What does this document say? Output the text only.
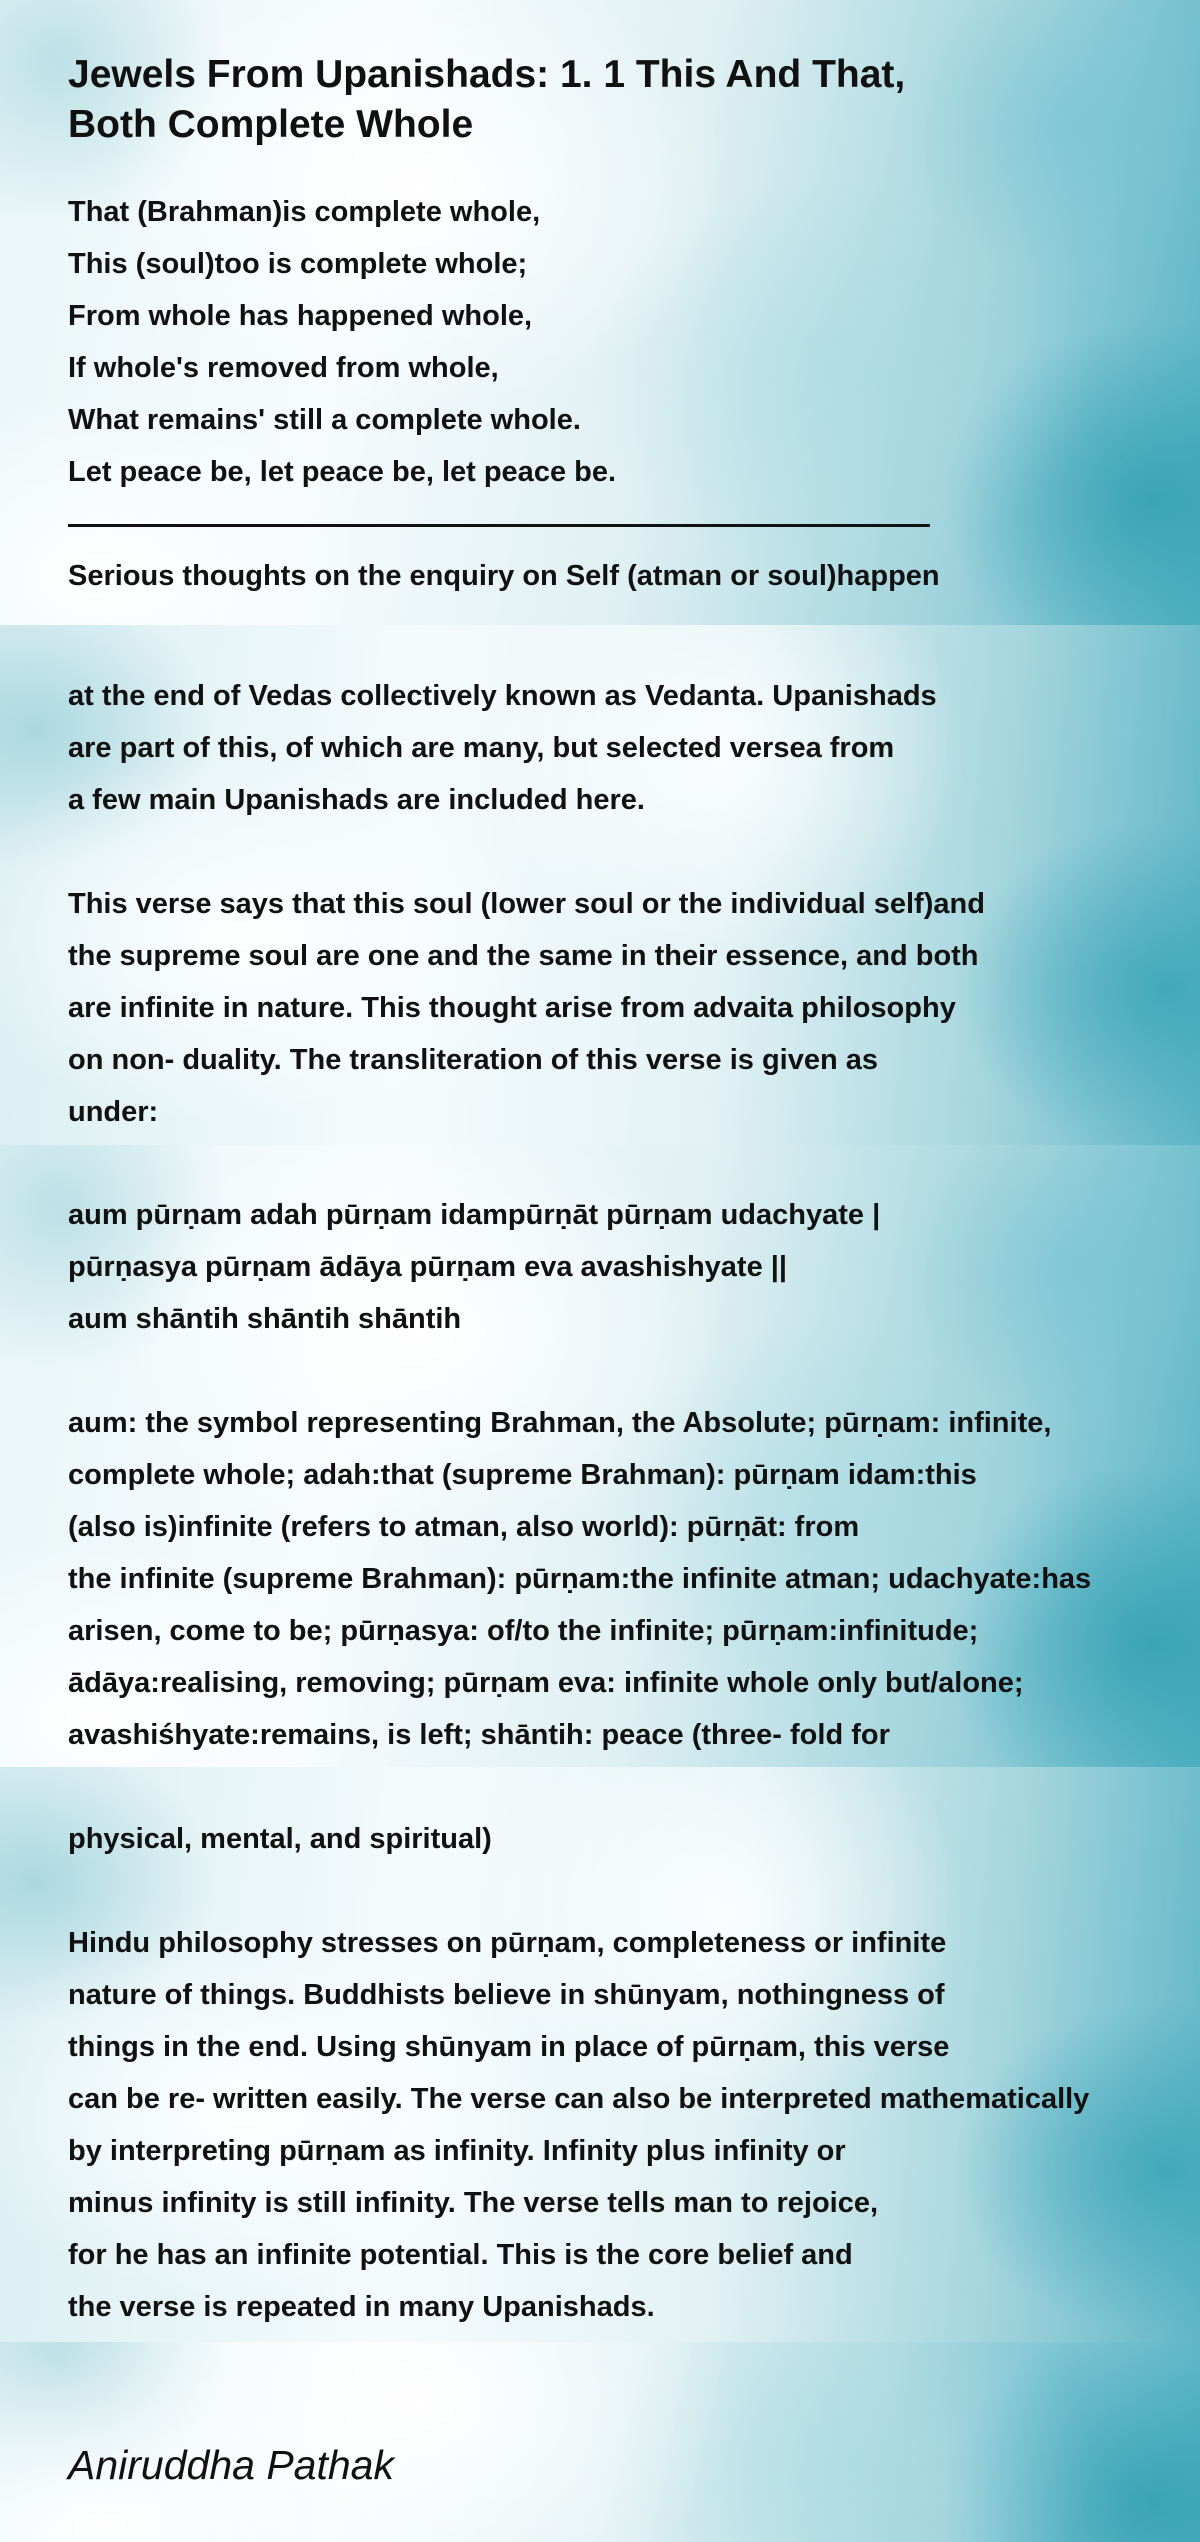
Jewels From Upanishads: 1. 1 This And That,
Both Complete Whole
That (Brahman)is complete whole,
This (soul)too is complete whole;
From whole has happened whole,
If whole's removed from whole,
What remains' still a complete whole.
Let peace be, let peace be, let peace be.
Serious thoughts on the enquiry on Self (atman or soul)happen
at the end of Vedas collectively known as Vedanta. Upanishads
are part of this, of which are many, but selected versea from
a few main Upanishads are included here.
This verse says that this soul (lower soul or the individual self)and
the supreme soul are one and the same in their essence, and both
are infinite in nature. This thought arise from advaita philosophy
on non- duality. The transliteration of this verse is given as
under:
aum pūrṇam adah pūrṇam idampūrṇāt pūrṇam udachyate |
pūrṇasya pūrṇam ādāya pūrṇam eva avashishyate ||
aum shāntih shāntih shāntih
aum: the symbol representing Brahman, the Absolute; pūrṇam: infinite,
complete whole; adah:that (supreme Brahman): pūrṇam idam:this
(also is)infinite (refers to atman, also world): pūrṇāt: from
the infinite (supreme Brahman): pūrṇam:the infinite atman; udachyate:has
arisen, come to be; pūrṇasya: of/to the infinite; pūrṇam:infinitude;
ādāya:realising, removing; pūrṇam eva: infinite whole only but/alone;
avashiśhyate:remains, is left; shāntih: peace (three- fold for
physical, mental, and spiritual)
Hindu philosophy stresses on pūrṇam, completeness or infinite
nature of things. Buddhists believe in shūnyam, nothingness of
things in the end. Using shūnyam in place of pūrṇam, this verse
can be re- written easily. The verse can also be interpreted mathematically
by interpreting pūrṇam as infinity. Infinity plus infinity or
minus infinity is still infinity. The verse tells man to rejoice,
for he has an infinite potential. This is the core belief and
the verse is repeated in many Upanishads.
Aniruddha Pathak
